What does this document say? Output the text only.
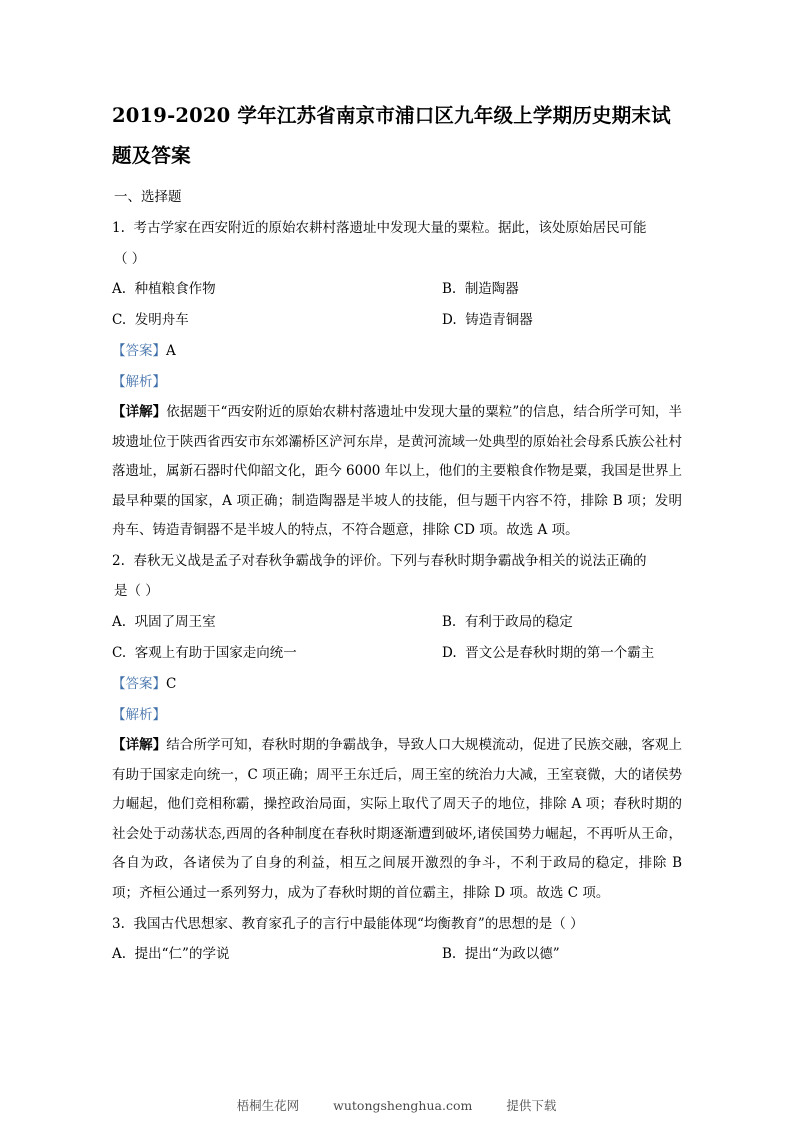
2019-2020 学年江苏省南京市浦口区九年级上学期历史期末试题及答案

一、选择题

1. 考古学家在西安附近的原始农耕村落遗址中发现大量的粟粒。据此，该处原始居民可能

（ ）

A. 种植粮食作物	B. 制造陶器
C. 发明舟车	D. 铸造青铜器

【答案】A

【解析】

【详解】依据题干“西安附近的原始农耕村落遗址中发现大量的粟粒”的信息，结合所学可知，半坡遗址位于陕西省西安市东郊灞桥区浐河东岸，是黄河流域一处典型的原始社会母系氏族公社村落遗址，属新石器时代仰韶文化，距今 6000 年以上，他们的主要粮食作物是粟，我国是世界上最早种粟的国家，A 项正确；制造陶器是半坡人的技能，但与题干内容不符，排除 B 项；发明舟车、铸造青铜器不是半坡人的特点，不符合题意，排除 CD 项。故选 A 项。

2. 春秋无义战是孟子对春秋争霸战争的评价。下列与春秋时期争霸战争相关的说法正确的

是（ ）

A. 巩固了周王室	B. 有利于政局的稳定
C. 客观上有助于国家走向统一	D. 晋文公是春秋时期的第一个霸主

【答案】C

【解析】

【详解】结合所学可知，春秋时期的争霸战争，导致人口大规模流动，促进了民族交融，客观上有助于国家走向统一，C 项正确；周平王东迁后，周王室的统治力大减，王室衰微，大的诸侯势力崛起，他们竞相称霸，操控政治局面，实际上取代了周天子的地位，排除 A 项；春秋时期的社会处于动荡状态,西周的各种制度在春秋时期逐渐遭到破坏,诸侯国势力崛起，不再听从王命，各自为政，各诸侯为了自身的利益，相互之间展开激烈的争斗，不利于政局的稳定，排除 B 项；齐桓公通过一系列努力，成为了春秋时期的首位霸主，排除 D 项。故选 C 项。

3. 我国古代思想家、教育家孔子的言行中最能体现“均衡教育”的思想的是（ ）

A. 提出“仁”的学说	B. 提出“为政以德”
梧桐生花网	wutongshenghua.com	提供下载
